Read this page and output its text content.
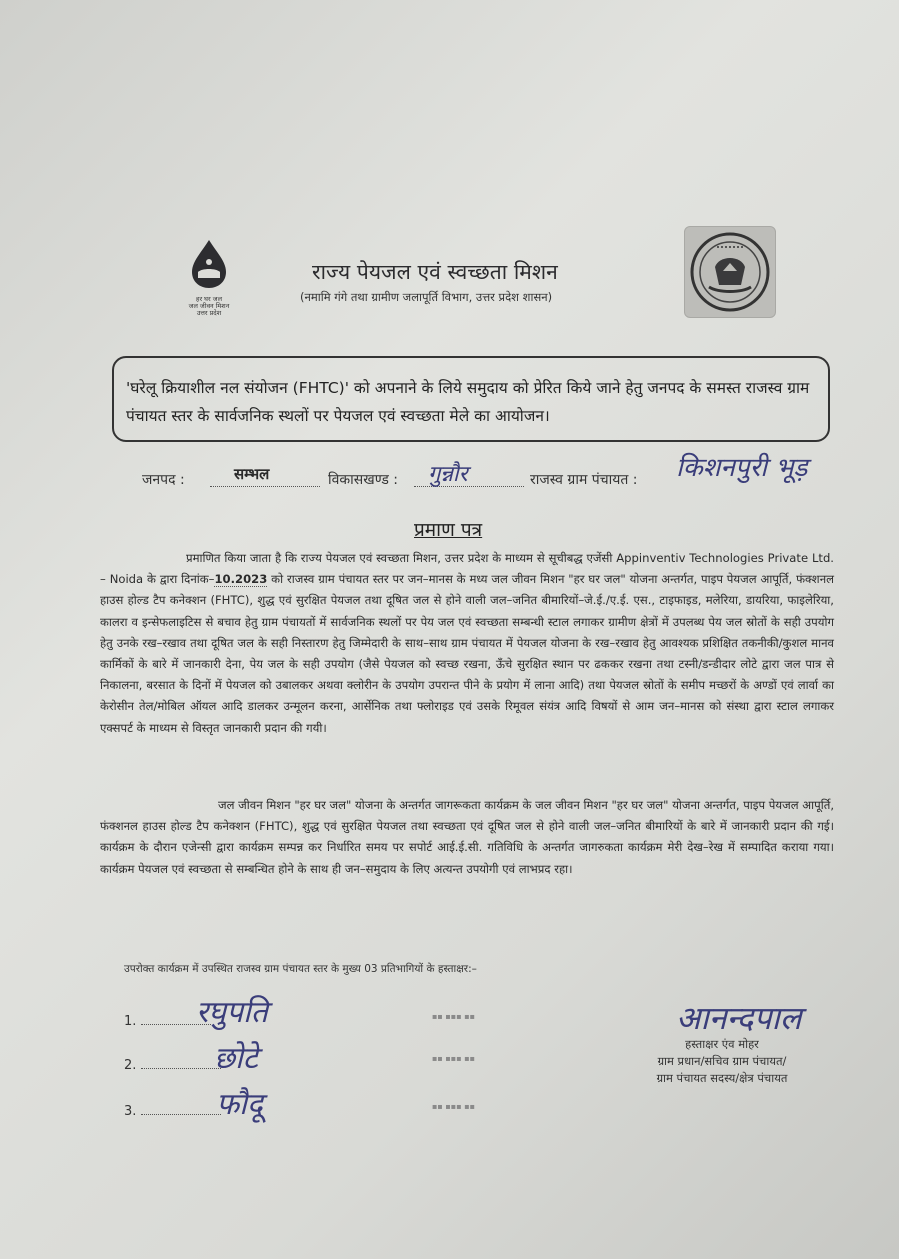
हर घर जल
जल जीवन मिशन
उत्तर प्रदेश
राज्य पेयजल एवं स्वच्छता मिशन
(नमामि गंगे तथा ग्रामीण जलापूर्ति विभाग, उत्तर प्रदेश शासन)
'घरेलू क्रियाशील नल संयोजन (FHTC)' को अपनाने के लिये समुदाय को प्रेरित किये जाने हेतु जनपद के समस्त राजस्व ग्राम पंचायत स्तर के सार्वजनिक स्थलों पर पेयजल एवं स्वच्छता मेले का आयोजन।
जनपद :	सम्भल	विकासखण्ड : गुन्नौर	राजस्व ग्राम पंचायत : किशनपुरी भूड़
प्रमाण पत्र
प्रमाणित किया जाता है कि राज्य पेयजल एवं स्वच्छता मिशन, उत्तर प्रदेश के माध्यम से सूचीबद्ध एजेंसी Appinventiv Technologies Private Ltd. – Noida के द्वारा दिनांक–10.2023 को राजस्व ग्राम पंचायत स्तर पर जन–मानस के मध्य जल जीवन मिशन "हर घर जल" योजना अन्तर्गत, पाइप पेयजल आपूर्ति, फंक्शनल हाउस होल्ड टैप कनेक्शन (FHTC), शुद्ध एवं सुरक्षित पेयजल तथा दूषित जल से होने वाली जल–जनित बीमारियों–जे.ई./ए.ई. एस., टाइफाइड, मलेरिया, डायरिया, फाइलेरिया, कालरा व इन्सेफलाइटिस से बचाव हेतु ग्राम पंचायतों में सार्वजनिक स्थलों पर पेय जल एवं स्वच्छता सम्बन्धी स्टाल लगाकर ग्रामीण क्षेत्रों में उपलब्ध पेय जल स्रोतों के सही उपयोग हेतु उनके रख–रखाव तथा दूषित जल के सही निस्तारण हेतु जिम्मेदारी के साथ–साथ ग्राम पंचायत में पेयजल योजना के रख–रखाव हेतु आवश्यक प्रशिक्षित तकनीकी/कुशल मानव कार्मिकों के बारे में जानकारी देना, पेय जल के सही उपयोग (जैसे पेयजल को स्वच्छ रखना, ऊँचे सुरक्षित स्थान पर ढककर रखना तथा टस्नी/डन्डीदार लोटे द्वारा जल पात्र से निकालना, बरसात के दिनों में पेयजल को उबालकर अथवा क्लोरीन के उपयोग उपरान्त पीने के प्रयोग में लाना आदि) तथा पेयजल स्रोतों के समीप मच्छरों के अण्डों एवं लार्वा का केरोसीन तेल/मोबिल ऑयल आदि डालकर उन्मूलन करना, आर्सेनिक तथा फ्लोराइड एवं उसके रिमूवल संयंत्र आदि विषयों से आम जन–मानस को संस्था द्वारा स्टाल लगाकर एक्सपर्ट के माध्यम से विस्तृत जानकारी प्रदान की गयी।
जल जीवन मिशन "हर घर जल" योजना के अन्तर्गत जागरूकता कार्यक्रम के जल जीवन मिशन "हर घर जल" योजना अन्तर्गत, पाइप पेयजल आपूर्ति, फंक्शनल हाउस होल्ड टैप कनेक्शन (FHTC), शुद्ध एवं सुरक्षित पेयजल तथा स्वच्छता एवं दूषित जल से होने वाली जल–जनित बीमारियों के बारे में जानकारी प्रदान की गई। कार्यक्रम के दौरान एजेन्सी द्वारा कार्यक्रम सम्पन्न कर निर्धारित समय पर सपोर्ट आई.ई.सी. गतिविधि के अन्तर्गत जागरुकता कार्यक्रम मेरी देख–रेख में सम्पादित कराया गया। कार्यक्रम पेयजल एवं स्वच्छता से सम्बन्धित होने के साथ ही जन–समुदाय के लिए अत्यन्त उपयोगी एवं लाभप्रद रहा।
उपरोक्त कार्यक्रम में उपस्थित राजस्व ग्राम पंचायत स्तर के मुख्य 03 प्रतिभागियों के हस्ताक्षर:–
1.	रघुपति	▪▪ ▪▪▪ ▪▪
2.	छोटे	▪▪ ▪▪▪ ▪▪
3.	फौदू	▪▪ ▪▪▪ ▪▪
आनन्दपाल
हस्ताक्षर एंव मोहर
ग्राम प्रधान/सचिव ग्राम पंचायत/
ग्राम पंचायत सदस्य/क्षेत्र पंचायत
